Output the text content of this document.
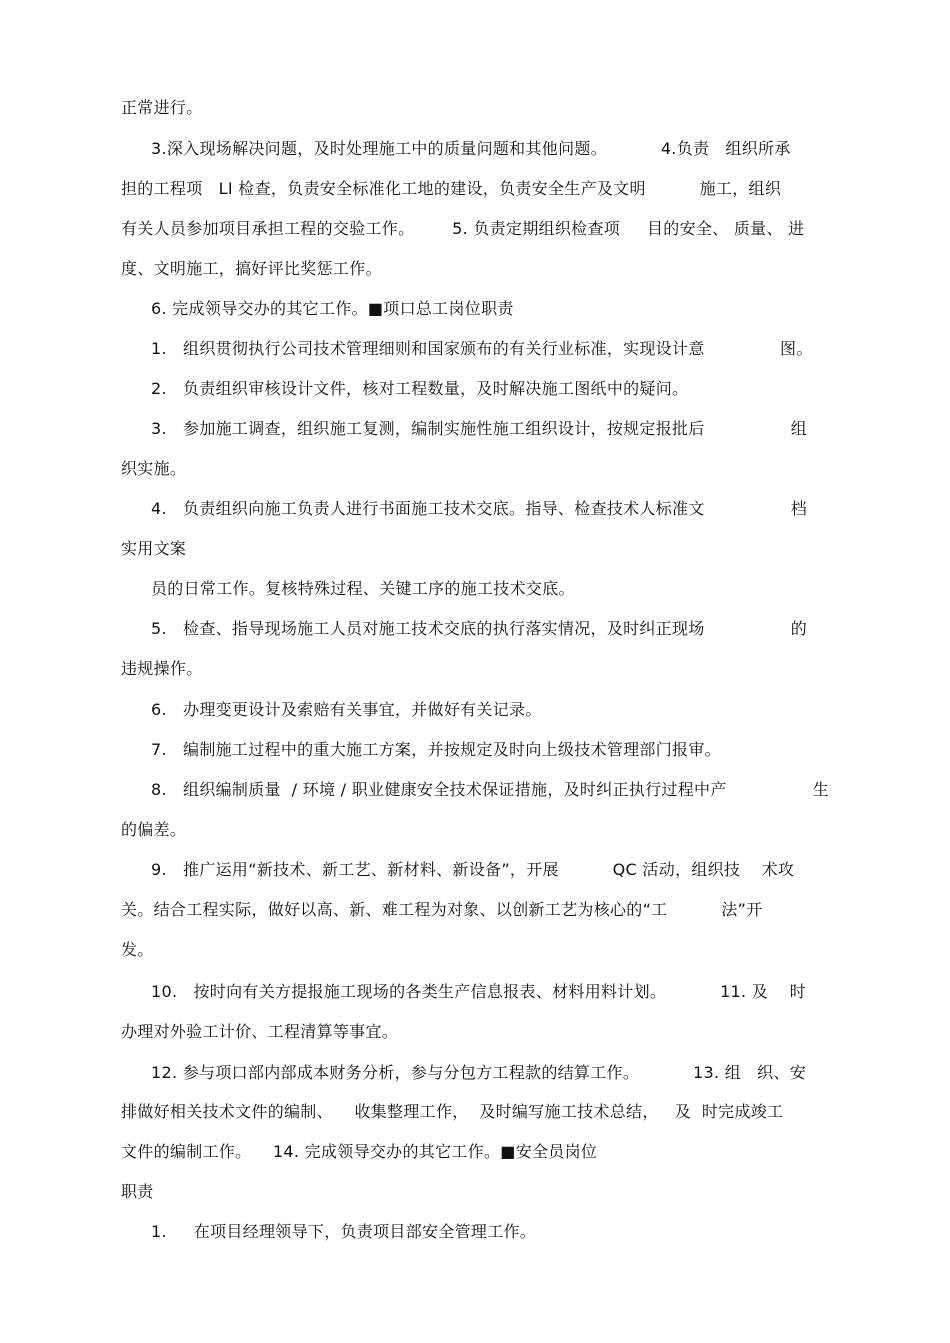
正常进行。
3.深入现场解决问题，及时处理施工中的质量问题和其他问题。          4.负责   组织所承
担的工程项   LI 检查，负责安全标准化工地的建设，负责安全生产及文明          施工，组织
有关人员参加项目承担工程的交验工作。       5. 负责定期组织检查项     目的安全、 质量、 进
度、文明施工，搞好评比奖惩工作。
6. 完成领导交办的其它工作。■项口总工岗位职责
1.   组织贯彻执行公司技术管理细则和国家颁布的有关行业标准，实现设计意              图。
2.   负责组织审核设计文件，核对工程数量，及时解决施工图纸中的疑问。
3.   参加施工调查，组织施工复测，编制实施性施工组织设计，按规定报批后                组
织实施。
4.   负责组织向施工负责人进行书面施工技术交底。指导、检查技术人标准文                档
实用文案
员的日常工作。复核特殊过程、关键工序的施工技术交底。
5.   检查、指导现场施工人员对施工技术交底的执行落实情况，及时纠正现场                的
违规操作。
6.   办理变更设计及索赔有关事宜，并做好有关记录。
7.   编制施工过程中的重大施工方案，并按规定及时向上级技术管理部门报审。
8.   组织编制质量  / 环境 / 职业健康安全技术保证措施，及时纠正执行过程中产                生
的偏差。
9.   推广运用“新技术、新工艺、新材料、新设备”，开展          QC 活动，组织技    术攻
关。结合工程实际，做好以高、新、难工程为对象、以创新工艺为核心的“工          法”开
发。
10.   按时向有关方提报施工现场的各类生产信息报表、材料用料计划。          11. 及    时
办理对外验工计价、工程清算等事宜。
12. 参与项口部内部成本财务分析，参与分包方工程款的结算工作。          13. 组   织、安
排做好相关技术文件的编制、    收集整理工作，  及时编写施工技术总结，   及  时完成竣工
文件的编制工作。    14. 完成领导交办的其它工作。■安全员岗位
职责
1.     在项目经理领导下，负责项目部安全管理工作。
